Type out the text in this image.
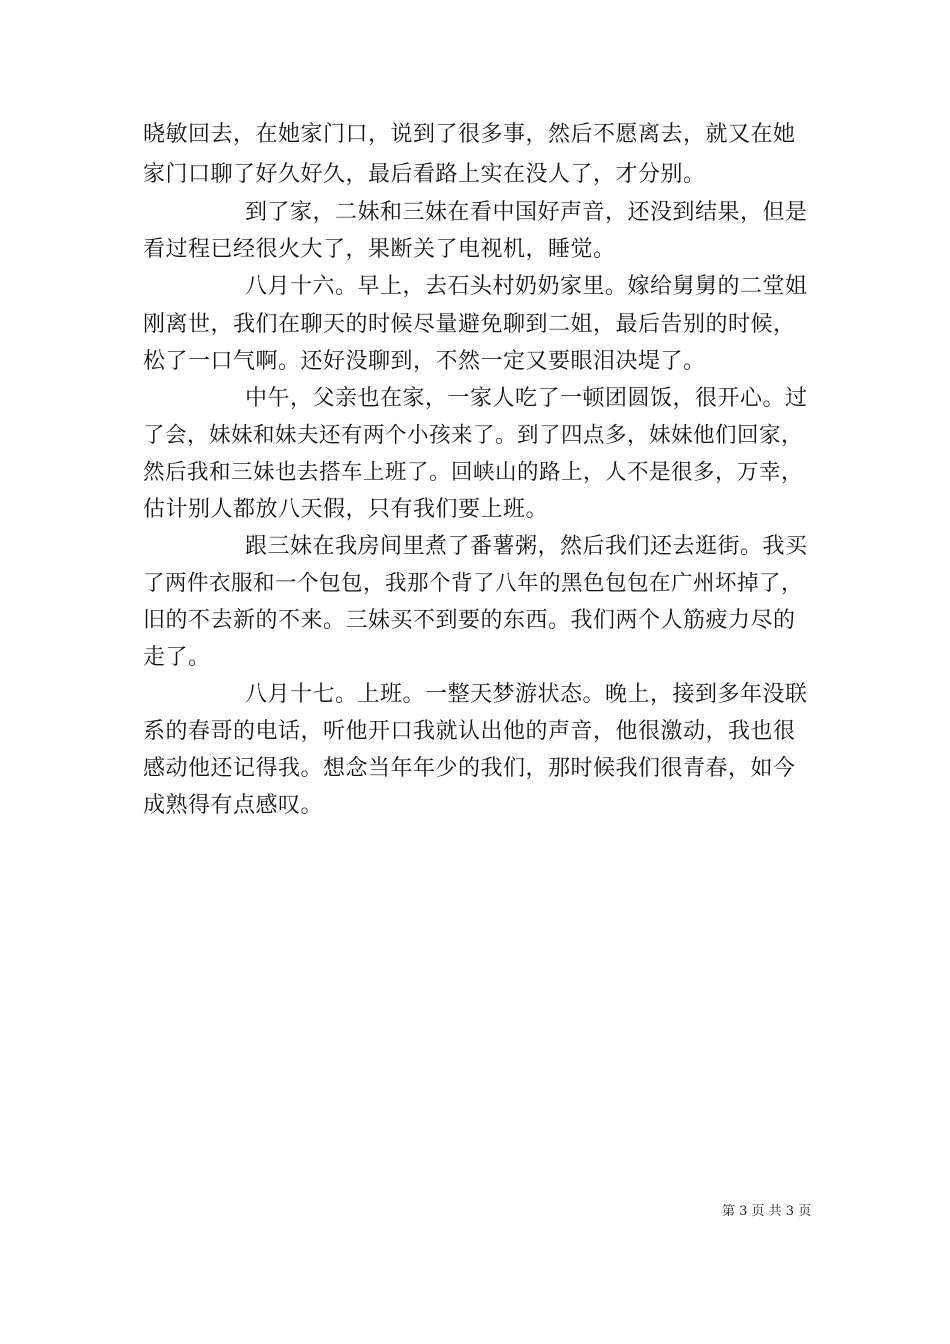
晓敏回去，在她家门口，说到了很多事，然后不愿离去，就又在她
家门口聊了好久好久，最后看路上实在没人了，才分别。
到了家，二妹和三妹在看中国好声音，还没到结果，但是
看过程已经很火大了，果断关了电视机，睡觉。
八月十六。早上，去石头村奶奶家里。嫁给舅舅的二堂姐
刚离世，我们在聊天的时候尽量避免聊到二姐，最后告别的时候，
松了一口气啊。还好没聊到，不然一定又要眼泪决堤了。
中午，父亲也在家，一家人吃了一顿团圆饭，很开心。过
了会，妹妹和妹夫还有两个小孩来了。到了四点多，妹妹他们回家，
然后我和三妹也去搭车上班了。回峡山的路上，人不是很多，万幸，
估计别人都放八天假，只有我们要上班。
跟三妹在我房间里煮了番薯粥，然后我们还去逛街。我买
了两件衣服和一个包包，我那个背了八年的黑色包包在广州坏掉了，
旧的不去新的不来。三妹买不到要的东西。我们两个人筋疲力尽的
走了。
八月十七。上班。一整天梦游状态。晚上，接到多年没联
系的春哥的电话，听他开口我就认出他的声音，他很激动，我也很
感动他还记得我。想念当年年少的我们，那时候我们很青春，如今
成熟得有点感叹。
第 3 页 共 3 页
